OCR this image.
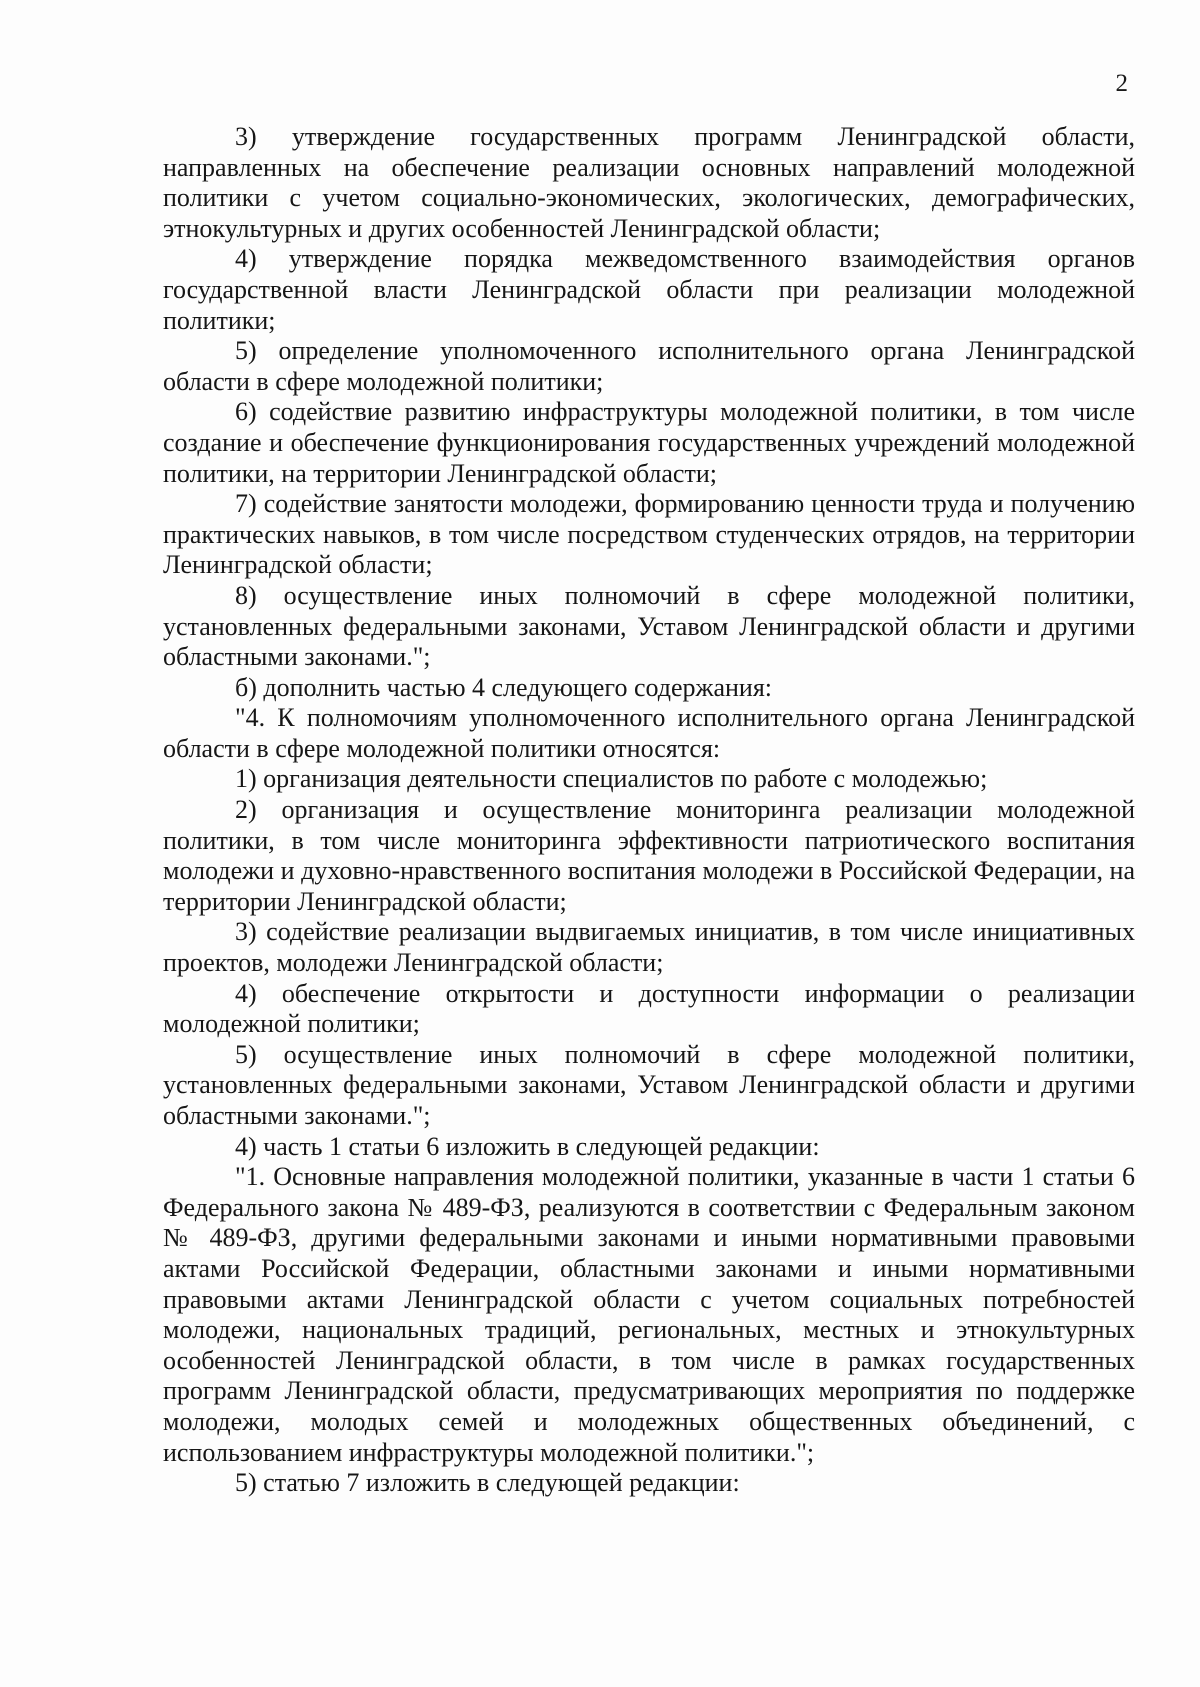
2

3) утверждение государственных программ Ленинградской области, направленных на обеспечение реализации основных направлений молодежной политики с учетом социально-экономических, экологических, демографических, этнокультурных и других особенностей Ленинградской области;

4) утверждение порядка межведомственного взаимодействия органов государственной власти Ленинградской области при реализации молодежной политики;

5) определение уполномоченного исполнительного органа Ленинградской области в сфере молодежной политики;

6) содействие развитию инфраструктуры молодежной политики, в том числе создание и обеспечение функционирования государственных учреждений молодежной политики, на территории Ленинградской области;

7) содействие занятости молодежи, формированию ценности труда и получению практических навыков, в том числе посредством студенческих отрядов, на территории Ленинградской области;

8) осуществление иных полномочий в сфере молодежной политики, установленных федеральными законами, Уставом Ленинградской области и другими областными законами.";

б) дополнить частью 4 следующего содержания:

"4. К полномочиям уполномоченного исполнительного органа Ленинградской области в сфере молодежной политики относятся:

1) организация деятельности специалистов по работе с молодежью;

2) организация и осуществление мониторинга реализации молодежной политики, в том числе мониторинга эффективности патриотического воспитания молодежи и духовно-нравственного воспитания молодежи в Российской Федерации, на территории Ленинградской области;

3) содействие реализации выдвигаемых инициатив, в том числе инициативных проектов, молодежи Ленинградской области;

4) обеспечение открытости и доступности информации о реализации молодежной политики;

5) осуществление иных полномочий в сфере молодежной политики, установленных федеральными законами, Уставом Ленинградской области и другими областными законами.";

4) часть 1 статьи 6 изложить в следующей редакции:

"1. Основные направления молодежной политики, указанные в части 1 статьи 6 Федерального закона № 489-ФЗ, реализуются в соответствии с Федеральным законом № 489-ФЗ, другими федеральными законами и иными нормативными правовыми актами Российской Федерации, областными законами и иными нормативными правовыми актами Ленинградской области с учетом социальных потребностей молодежи, национальных традиций, региональных, местных и этнокультурных особенностей Ленинградской области, в том числе в рамках государственных программ Ленинградской области, предусматривающих мероприятия по поддержке молодежи, молодых семей и молодежных общественных объединений, с использованием инфраструктуры молодежной политики.";

5) статью 7 изложить в следующей редакции:
